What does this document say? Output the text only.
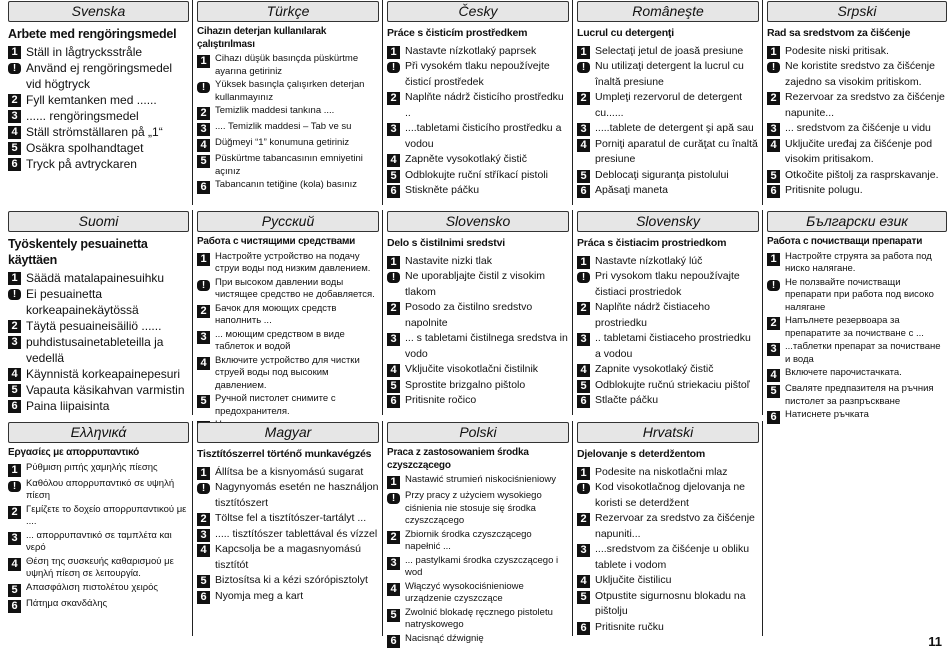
Svenska
Arbete med rengöringsmedel
1 Ställ in lågtrycksstråle
! Använd ej rengöringsmedel vid högtryck
2 Fyll kemtanken med ......
3 ...... rengöringsmedel
4 Ställ strömställaren på „1“
5 Osäkra spolhandtaget
6 Tryck på avtryckaren
Türkçe
Cihazın deterjan kullanılarak çalıştırılması
1 Cihazı düşük basınçda püskürtme ayarına getiriniz
!	Yüksek basınçla çalışırken deterjan kullanmayınız
2 Temizlik maddesi tankına ....
3 .... Temizlik maddesi – Tab ve su
4 Düğmeyi “1” konumuna getiriniz
5 Püskürtme tabancasının emniyetini açınız
6 Tabancanın tetiğine (kola) basınız
Česky
Práce s čisticím prostředkem
1 Nastavte nízkotlaký paprsek
! Při vysokém tlaku nepoužívejte čisticí prostředek
2 Naplňte nádrž čisticího prostředku ..
3 ....tabletami čisticího prostředku a vodou
4 Zapněte vysokotlaký čistič
5 Odblokujte ruční stříkací pistoli
6 Stiskněte páčku
Româneşte
Lucrul cu detergenţi
1 Selectaţi jetul de joasă presiune
! Nu utilizaţi detergent la lucrul cu înaltă presiune
2 Umpleţi rezervorul de detergent cu......
3 .....tablete de detergent şi apă sau
4 Porniţi aparatul de curăţat cu înaltă presiune
5 Deblocaţi siguranţa pistolului
6 Apăsaţi maneta
Srpski
Rad sa sredstvom za čišćenje
1 Podesite niski pritisak.
! Ne koristite sredstvo za čišćenje zajedno sa visokim pritiskom.
2 Rezervoar za sredstvo za čišćenje napunite...
3 ... sredstvom za čišćenje u vidu
4 Uključite uređaj za čišćenje pod visokim pritisakom.
5 Otkočite pištolj za rasprskavanje.
6 Pritisnite polugu.
Suomi
Työskentely pesuainetta käyttäen
1 Säädä matalapainesuihku
! Ei pesuainetta korkeapainekäytössä
2 Täytä pesuaineisäiliö ......
3 puhdistusainetableteilla ja vedellä
4 Käynnistä korkeapainepesuri
5 Vapauta käsikahvan varmistin
6 Paina liipaisinta
Русский
Работа с чистящими средствами
1 Настройте устройство на подачу струи воды под низким давлением.
!	При высоком давлении воды чистящее средство не добавляется.
2 Бачок для моющих средств наполнить ...
3 ... моющим средством в виде таблеток и водой
4 Включите устройство для чистки струей воды под высоким давлением.
5 Ручной пистолет снимите с предохранителя.
Slovensko
Delo s čistilnimi sredstvi
1 Nastavite nizki tlak
! Ne uporabljajte čistil z visokim tlakom
2 Posodo za čistilno sredstvo napolnite
3 ... s tabletami čistilnega sredstva in vodo
4 Vključite visokotlačni čistilnik
5 Sprostite brizgalno pištolo
6 Pritisnite ročico
Slovensky
Práca s čistiacim prostriedkom
1 Nastavte nízkotlaký lúč
! Pri vysokom tlaku nepoužívajte čistiaci prostriedok
2 Naplňte nádrž čistiaceho prostriedku
3 .. tabletami čistiaceho prostriedku a vodou
4 Zapnite vysokotlaký čistič
5 Odblokujte ručnú striekaciu pištoľ
6 Stlačte páčku
Български език
Работа с почистващи препарати
1 Настройте струята за работа под ниско налягане.
!	Не ползвайте почистващи препарати при работа под високо налягане
2 Напълнете резервоара за препаратите за почистване с ...
3 ...таблетки препарат за почистване и вода
4 Включете парочистачката.
5 Сваляте предпазителя на ръчния пистолет за разпръскване
6 Натиснете ръчката
Ελληνικά
Εργασίες με απορρυπαντικό
1 Ρύθμιση ριπής χαμηλής πίεσης
!	Καθόλου απορρυπαντικό σε υψηλή πίεση
2 Γεμίζετε το δοχείο απορρυπαντικού με ....
3 ... απορρυπαντικό σε ταμπλέτα και νερό
4 Θέση της συσκευής καθαρισμού με υψηλή πίεση σε λειτουργία.
5 Απασφάλιση πιστολέτου χειρός
6 Πάτημα σκανδάλης
Magyar
Tisztítószerrel történő munkavégzés
1 Állítsa be a kisnyomású sugarat
! Nagynyomás esetén ne használjon tisztítószert
2 Töltse fel a tisztítószer-tartályt ...
3 ..... tisztítószer tablettával és vízzel
4 Kapcsolja be a magasnyomású tisztítót
5 Biztosítsa ki a kézi szórópisztolyt
6 Nyomja meg a kart
Polski
Praca z zastosowaniem środka czyszczącego
1 Nastawić strumień niskociśnieniowy
!	Przy pracy z użyciem wysokiego ciśnienia nie stosuje się środka czyszczącego
2 Zbiornik środka czyszczącego napełnić ...
3 ... pastylkami środka czyszczącego i wod
4 Włączyć wysokociśnieniowe urządzenie czyszczące
5 Zwolnić blokadę ręcznego pistoletu natryskowego
6 Nacisnąć dźwignię
Hrvatski
Djelovanje s deterdžentom
1 Podesite na niskotlačni mlaz
! Kod visokotlačnog djelovanja ne koristi se deterdžent
2 Rezervoar za sredstvo za čišćenje napuniti...
3 ....sredstvom za čišćenje u obliku tablete i vodom
4 Uključite čistilicu
5 Otpustite sigurnosnu blokadu na pištolju
6 Pritisnite ručku
11
